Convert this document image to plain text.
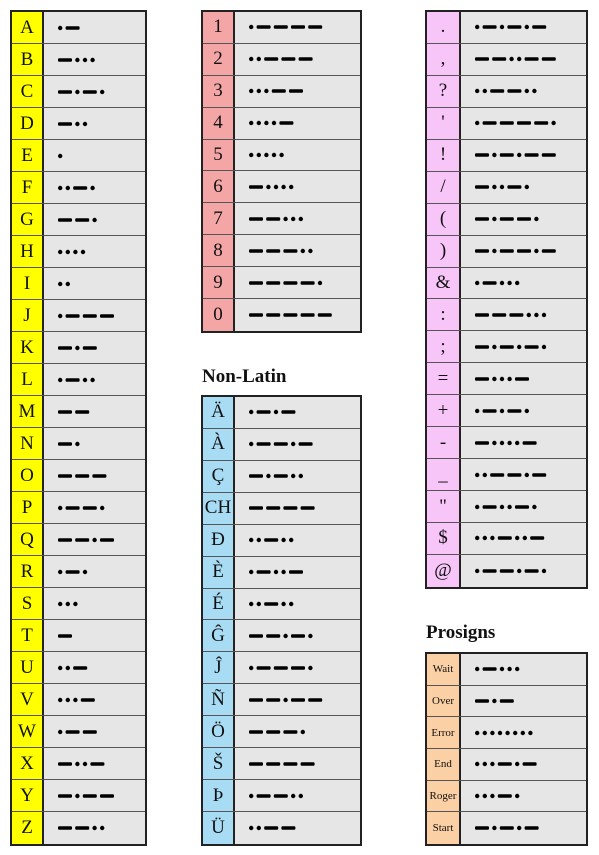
A
B
C
D
E
F
G
H
I
J
K
L
M
N
O
P
Q
R
S
T
U
V
W
X
Y
Z
1
2
3
4
5
6
7
8
9
0
Non-Latin
Ä
À
Ç
CH
Đ
È
É
Ĝ
Ĵ
Ñ
Ö
Š
Þ
Ü
.
,
?
'
!
/
(
)
&
:
;
=
+
-
_
"
$
@
Prosigns
Wait
Over
Error
End
Roger
Start
